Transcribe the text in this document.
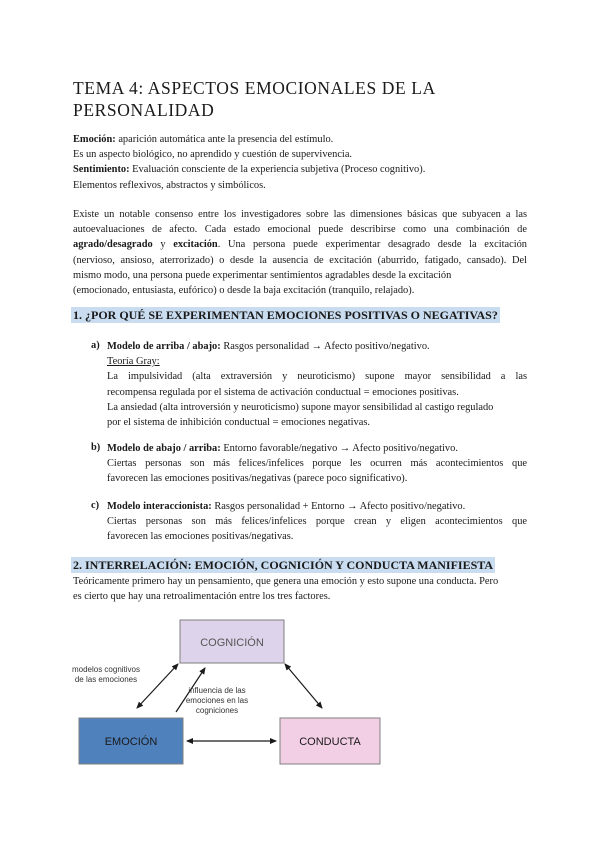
TEMA 4: ASPECTOS EMOCIONALES DE LA
PERSONALIDAD
Emoción: aparición automática ante la presencia del estímulo.
Es un aspecto biológico, no aprendido y cuestión de supervivencia.
Sentimiento: Evaluación consciente de la experiencia subjetiva (Proceso cognitivo).
Elementos reflexivos, abstractos y simbólicos.
Existe un notable consenso entre los investigadores sobre las dimensiones básicas que subyacen a las
autoevaluaciones de afecto. Cada estado emocional puede describirse como una combinación de
agrado/desagrado y excitación. Una persona puede experimentar desagrado desde la excitación
(nervioso, ansioso, aterrorizado) o desde la ausencia de excitación (aburrido, fatigado, cansado). Del
mismo modo, una persona puede experimentar sentimientos agradables desde la excitación
(emocionado, entusiasta, eufórico) o desde la baja excitación (tranquilo, relajado).
1. ¿POR QUÉ SE EXPERIMENTAN EMOCIONES POSITIVAS O NEGATIVAS?
a) Modelo de arriba / abajo: Rasgos personalidad → Afecto positivo/negativo.
Teoría Gray:
La impulsividad (alta extraversión y neuroticismo) supone mayor sensibilidad a las
recompensa regulada por el sistema de activación conductual = emociones positivas.
La ansiedad (alta introversión y neuroticismo) supone mayor sensibilidad al castigo regulado
por el sistema de inhibición conductual = emociones negativas.
b) Modelo de abajo / arriba: Entorno favorable/negativo → Afecto positivo/negativo.
Ciertas personas son más felices/infelices porque les ocurren más acontecimientos que
favorecen las emociones positivas/negativas (parece poco significativo).
c) Modelo interaccionista: Rasgos personalidad + Entorno → Afecto positivo/negativo.
Ciertas personas son más felices/infelices porque crean y eligen acontecimientos que
favorecen las emociones positivas/negativas.
2. INTERRELACIÓN: EMOCIÓN, COGNICIÓN Y CONDUCTA MANIFIESTA
Teóricamente primero hay un pensamiento, que genera una emoción y esto supone una conducta. Pero
es cierto que hay una retroalimentación entre los tres factores.
COGNICIÓN
EMOCIÓN	CONDUCTA
modelos cognitivos
de las emociones
influencia de las
emociones en las
cogniciones
